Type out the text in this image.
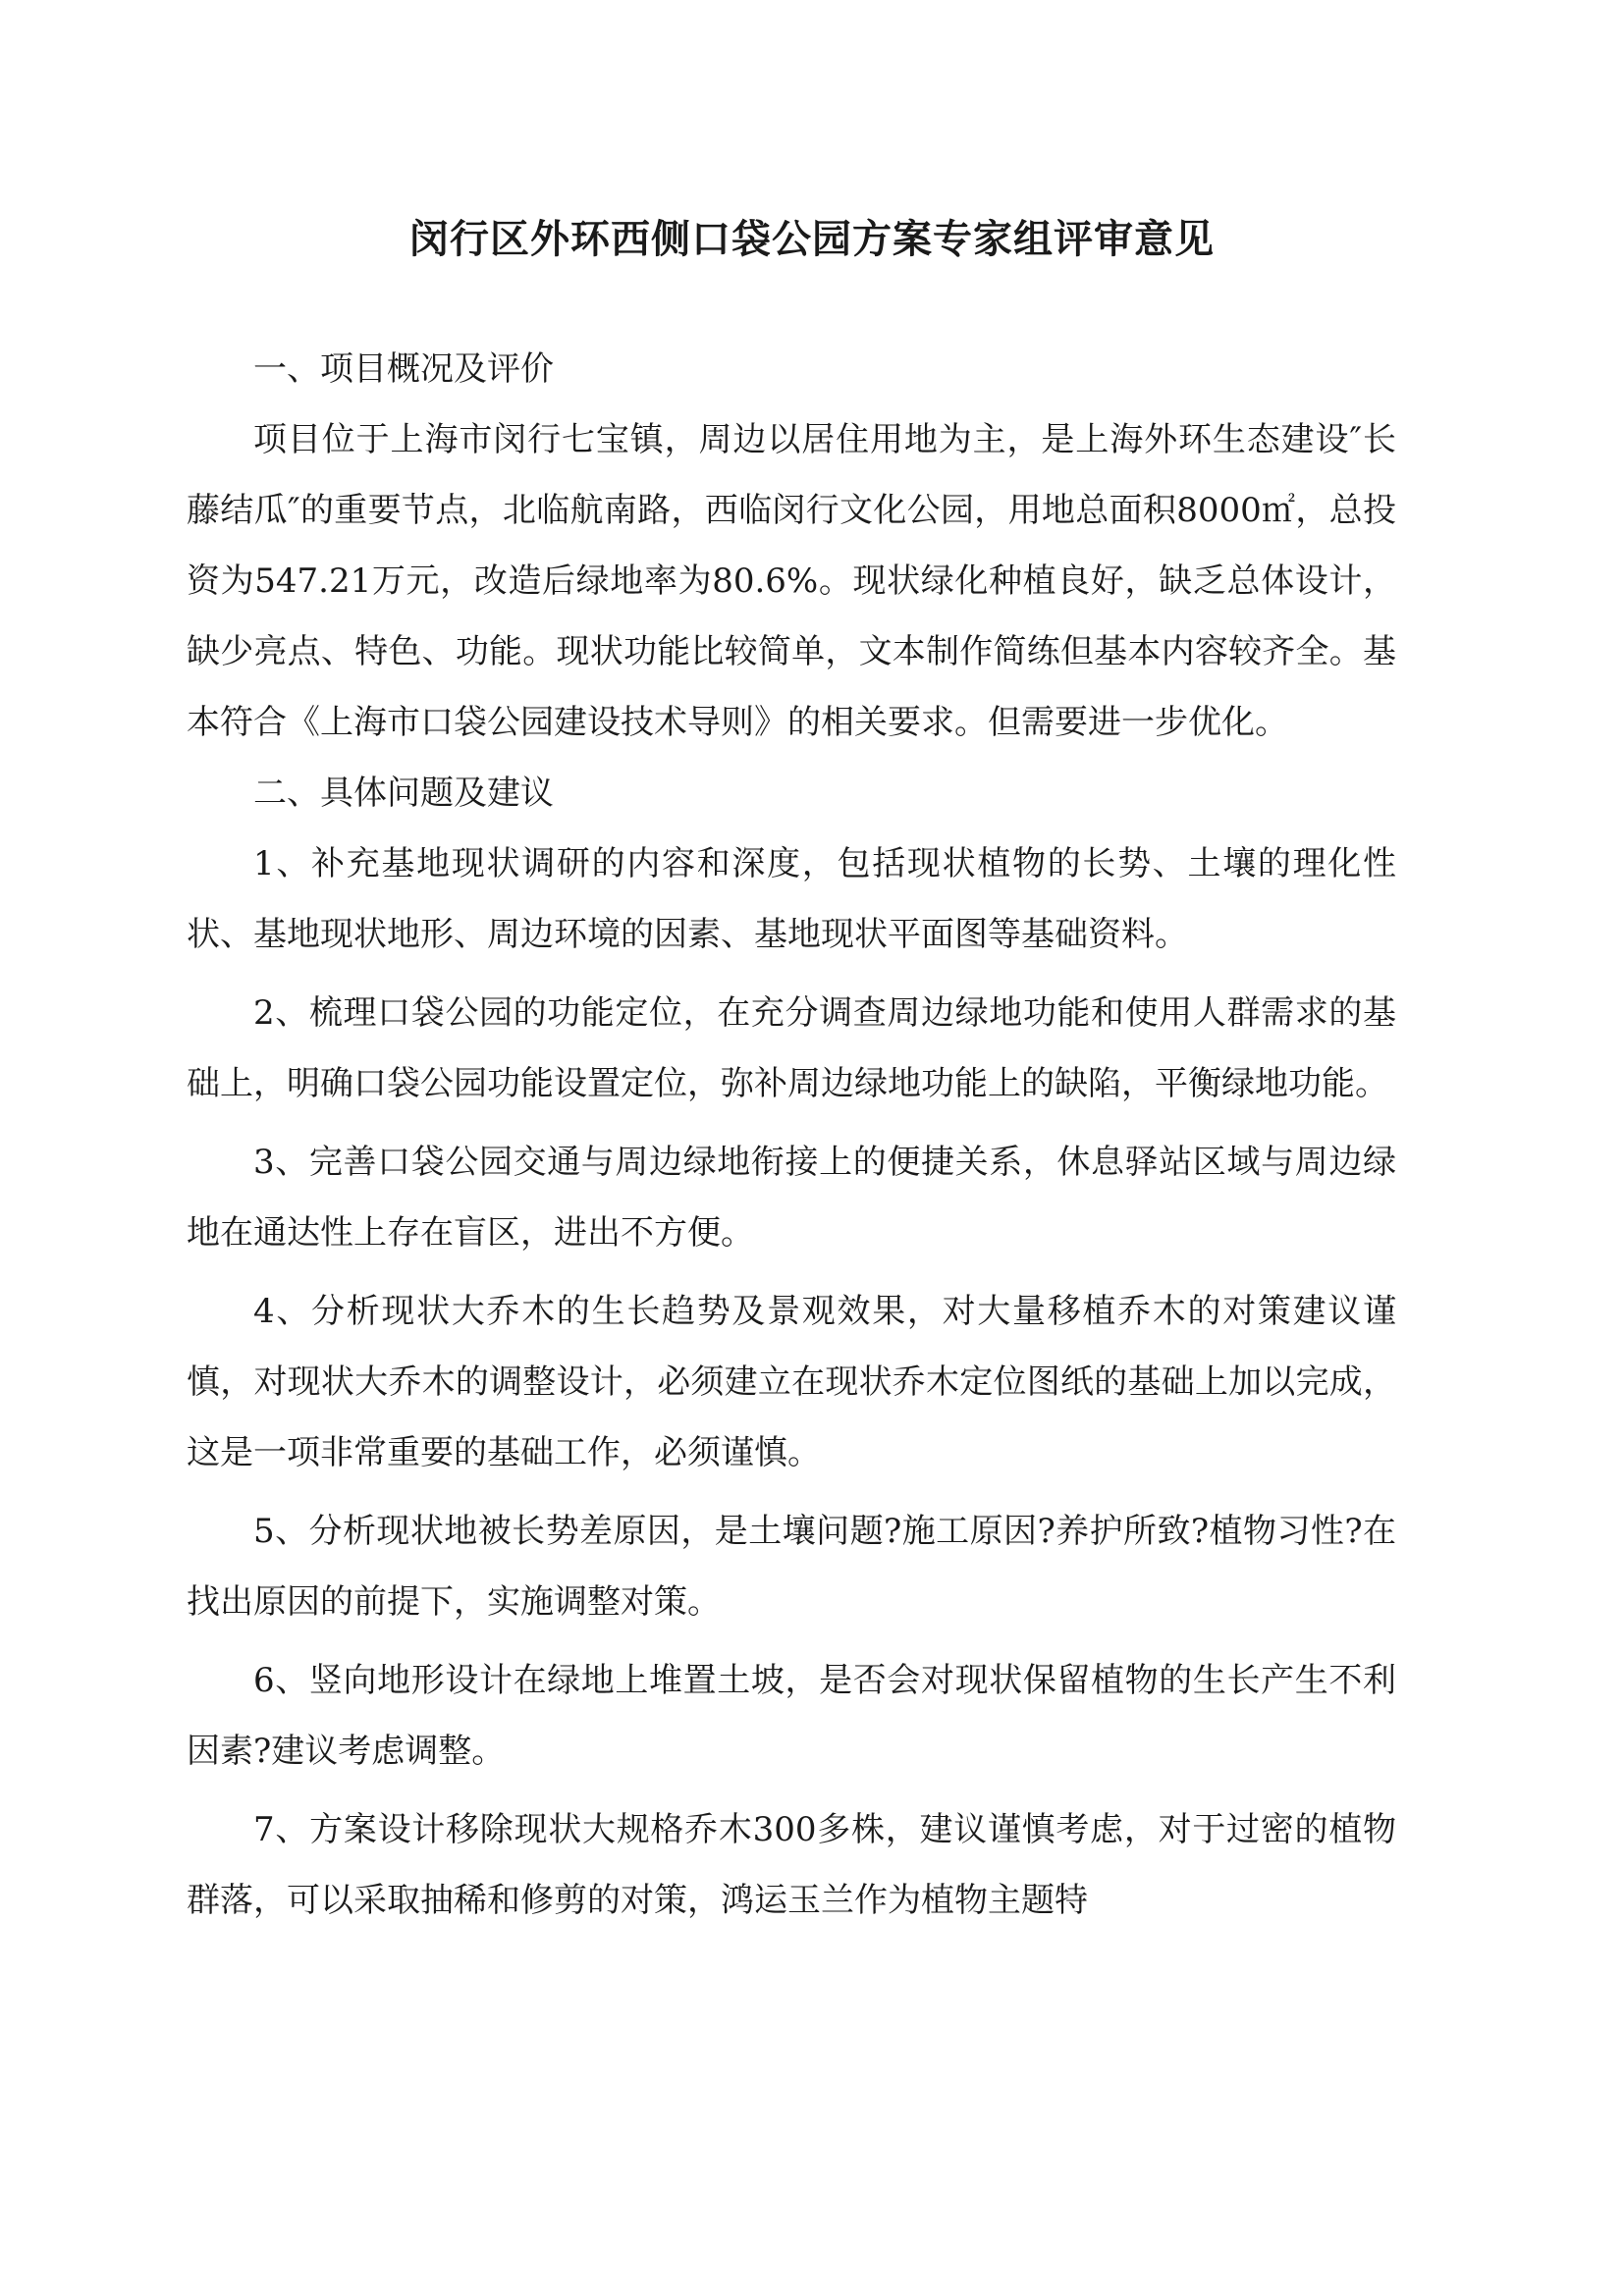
闵行区外环西侧口袋公园方案专家组评审意见

一、项目概况及评价

项目位于上海市闵行七宝镇，周边以居住用地为主，是上海外环生态建设″长藤结瓜″的重要节点，北临航南路，西临闵行文化公园，用地总面积8000㎡，总投资为547.21万元，改造后绿地率为80.6%。现状绿化种植良好，缺乏总体设计，缺少亮点、特色、功能。现状功能比较简单，文本制作简练但基本内容较齐全。基本符合《上海市口袋公园建设技术导则》的相关要求。但需要进一步优化。

二、具体问题及建议

1、补充基地现状调研的内容和深度，包括现状植物的长势、土壤的理化性状、基地现状地形、周边环境的因素、基地现状平面图等基础资料。

2、梳理口袋公园的功能定位，在充分调查周边绿地功能和使用人群需求的基础上，明确口袋公园功能设置定位，弥补周边绿地功能上的缺陷，平衡绿地功能。

3、完善口袋公园交通与周边绿地衔接上的便捷关系，休息驿站区域与周边绿地在通达性上存在盲区，进出不方便。

4、分析现状大乔木的生长趋势及景观效果，对大量移植乔木的对策建议谨慎，对现状大乔木的调整设计，必须建立在现状乔木定位图纸的基础上加以完成，这是一项非常重要的基础工作，必须谨慎。

5、分析现状地被长势差原因，是土壤问题?施工原因?养护所致?植物习性?在找出原因的前提下，实施调整对策。

6、竖向地形设计在绿地上堆置土坡，是否会对现状保留植物的生长产生不利因素?建议考虑调整。

7、方案设计移除现状大规格乔木300多株，建议谨慎考虑，对于过密的植物群落，可以采取抽稀和修剪的对策，鸿运玉兰作为植物主题特
